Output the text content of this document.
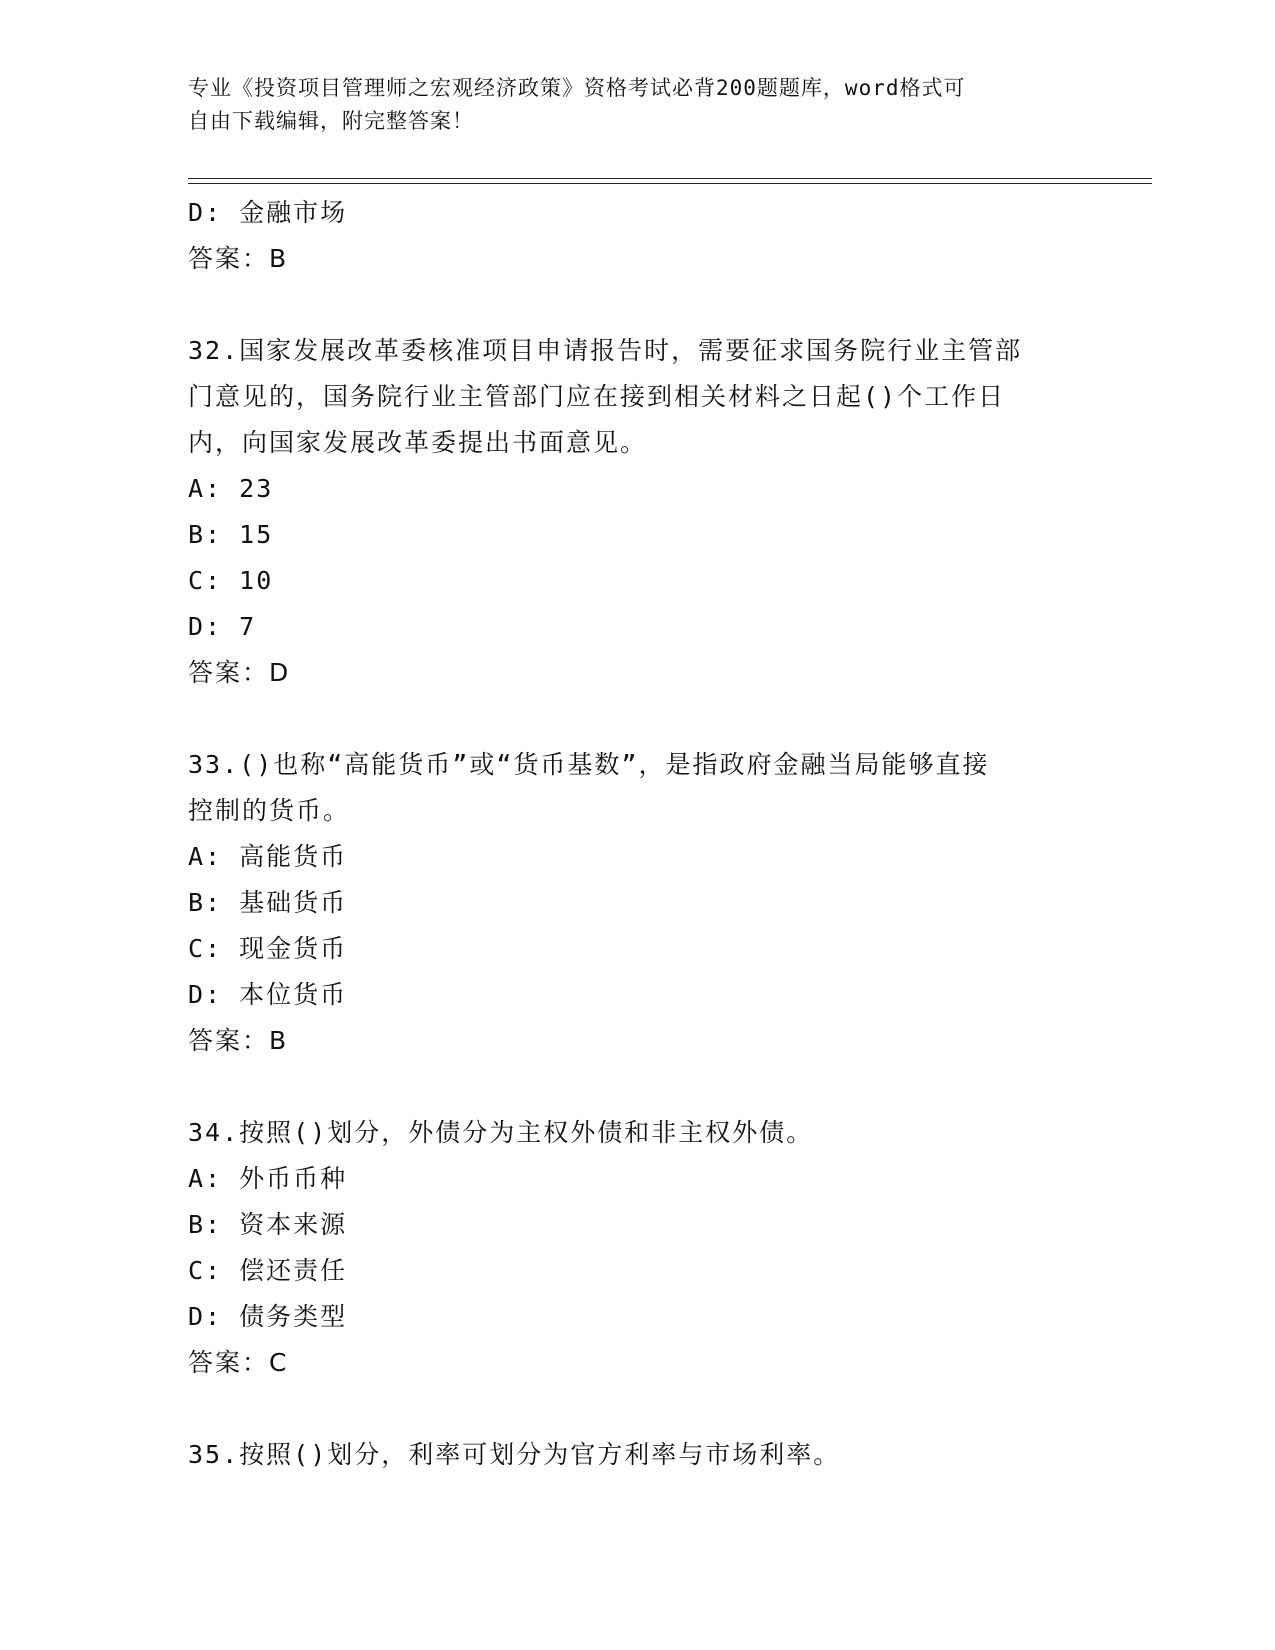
专业《投资项目管理师之宏观经济政策》资格考试必背200题题库，word格式可
自由下载编辑，附完整答案！
D: 金融市场
答案：B
32.国家发展改革委核准项目申请报告时，需要征求国务院行业主管部
门意见的，国务院行业主管部门应在接到相关材料之日起()个工作日
内，向国家发展改革委提出书面意见。
A: 23
B: 15
C: 10
D: 7
答案：D
33.()也称“高能货币”或“货币基数”，是指政府金融当局能够直接
控制的货币。
A: 高能货币
B: 基础货币
C: 现金货币
D: 本位货币
答案：B
34.按照()划分，外债分为主权外债和非主权外债。
A: 外币币种
B: 资本来源
C: 偿还责任
D: 债务类型
答案：C
35.按照()划分，利率可划分为官方利率与市场利率。
